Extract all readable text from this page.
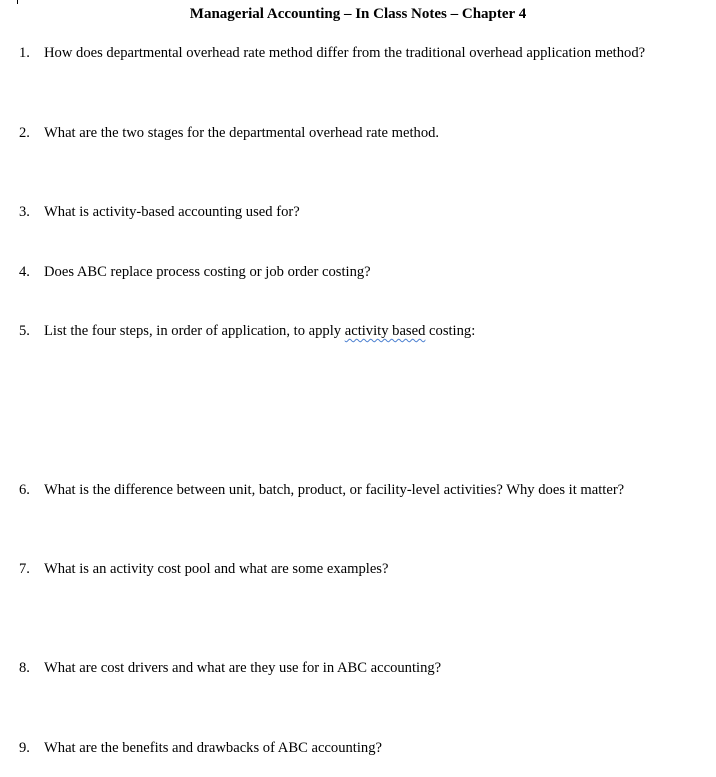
Managerial Accounting – In Class Notes – Chapter 4
1. How does departmental overhead rate method differ from the traditional overhead application method?
2. What are the two stages for the departmental overhead rate method.
3. What is activity-based accounting used for?
4. Does ABC replace process costing or job order costing?
5. List the four steps, in order of application, to apply activity based costing:
6. What is the difference between unit, batch, product, or facility-level activities? Why does it matter?
7. What is an activity cost pool and what are some examples?
8. What are cost drivers and what are they use for in ABC accounting?
9. What are the benefits and drawbacks of ABC accounting?
